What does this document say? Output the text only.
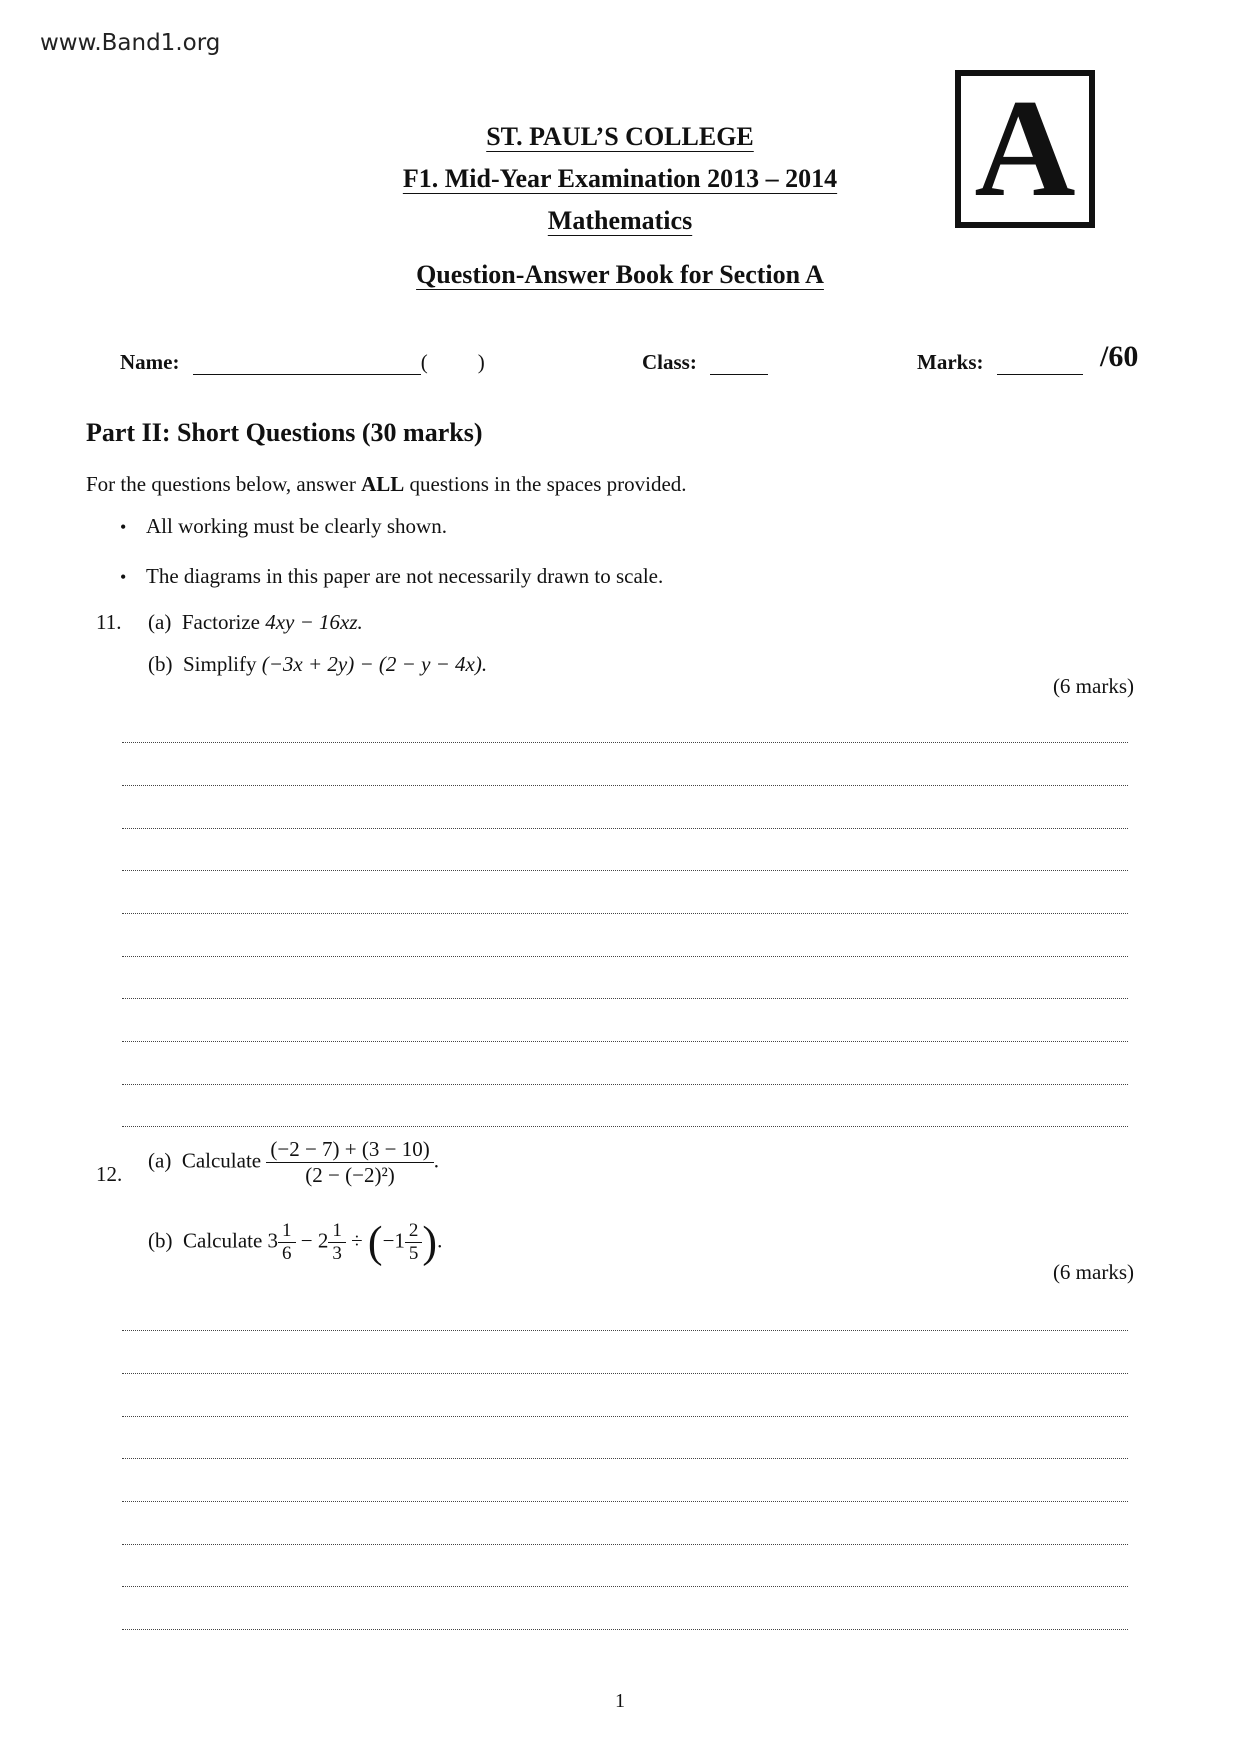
www.Band1.org
ST. PAUL’S COLLEGE
F1. Mid-Year Examination 2013 – 2014
Mathematics
Question-Answer Book for Section A
A
Name:	( )	Class:	Marks:	/60
Part II: Short Questions (30 marks)
For the questions below, answer ALL questions in the spaces provided.
• All working must be clearly shown.
• The diagrams in this paper are not necessarily drawn to scale.
11. (a) Factorize 4xy − 16xz.
(b) Simplify (−3x + 2y) − (2 − y − 4x).
(6 marks)
12.
(a) Calculate $\frac{(-2 - 7) + (3 - 10)}{\text{(2 − (−2)²)}}$ .
(b) Calculate $3 \frac{1}{6} - 2 \frac{1}{3} \div (-1 \frac{2}{5}$ ).
(6 marks)
1
